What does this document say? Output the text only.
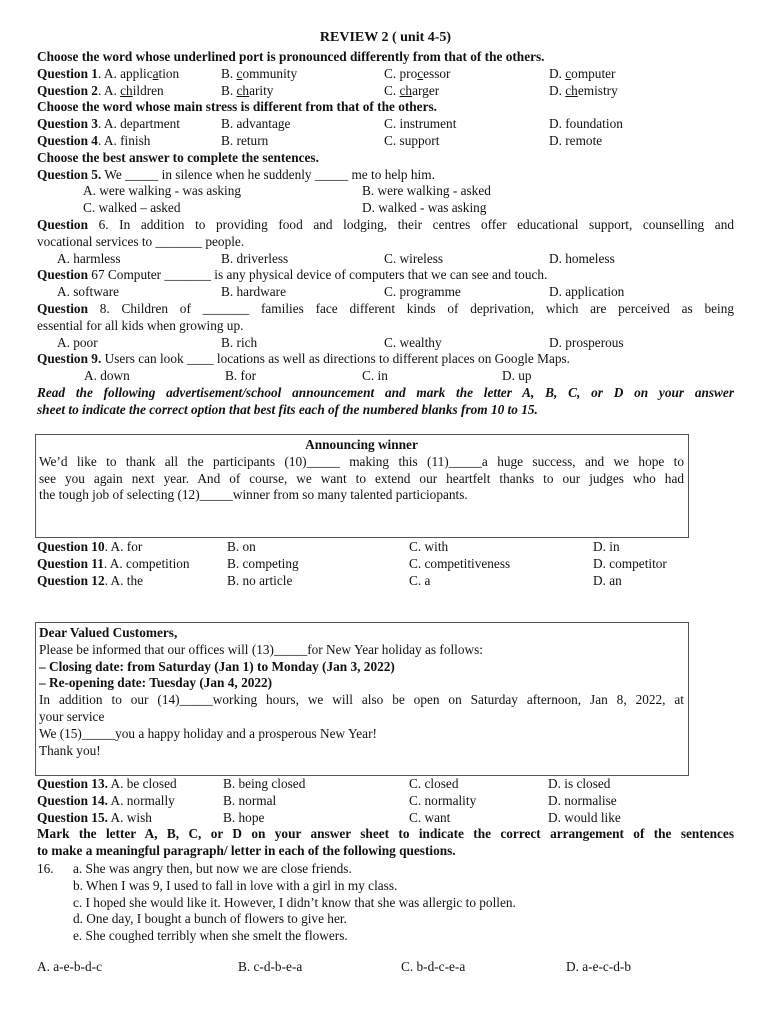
REVIEW 2 ( unit 4-5)
Choose the word whose underlined port is pronounced differently from that of the others.
Question 1. A. application	B. community	C. processor	D. computer
Question 2. A. children	B. charity	C. charger	D. chemistry
Choose the word whose main stress is different from that of the others.
Question 3. A. department	B. advantage	C. instrument	D. foundation
Question 4. A. finish	B. return	C. support	D. remote
Choose the best answer to complete the sentences.
Question 5. We _____ in silence when he suddenly _____ me to help him.
A. were walking - was asking	B. were walking - asked
C. walked – asked	D. walked - was asking
Question 6. In addition to providing food and lodging, their centres offer educational support, counselling and
vocational services to _______ people.
A. harmless	B. driverless	C. wireless	D. homeless
Question 67 Computer _______ is any physical device of computers that we can see and touch.
A. software	B. hardware	C. programme	D. application
Question 8. Children of _______ families face different kinds of deprivation, which are perceived as being
essential for all kids when growing up.
A. poor	B. rich	C. wealthy	D. prosperous
Question 9. Users can look ____ locations as well as directions to different places on Google Maps.
A. down	B. for	C. in	D. up
Read the following advertisement/school announcement and mark the letter A, B, C, or D on your answer
sheet to indicate the correct option that best fits each of the numbered blanks from 10 to 15.
Announcing winner
We’d like to thank all the participants (10)_____ making this (11)_____a huge success, and we hope to
see you again next year. And of course, we want to extend our heartfelt thanks to our judges who had
the tough job of selecting (12)_____winner from so many talented particiopants.
Question 10. A. for	B. on	C. with	D. in
Question 11. A. competition	B. competing	C. competitiveness	D. competitor
Question 12. A. the	B. no article	C. a	D. an
Dear Valued Customers,
Please be informed that our offices will (13)_____for New Year holiday as follows:
– Closing date: from Saturday (Jan 1) to Monday (Jan 3, 2022)
– Re-opening date: Tuesday (Jan 4, 2022)
In addition to our (14)_____working hours, we will also be open on Saturday afternoon, Jan 8, 2022, at
your service
We (15)_____you a happy holiday and a prosperous New Year!
Thank you!
Question 13. A. be closed	B. being closed	C. closed	D. is closed
Question 14. A. normally	B. normal	C. normality	D. normalise
Question 15. A. wish	B. hope	C. want	D. would like
Mark the letter A, B, C, or D on your answer sheet to indicate the correct arrangement of the sentences
to make a meaningful paragraph/ letter in each of the following questions.
16. a. She was angry then, but now we are close friends.
b. When I was 9, I used to fall in love with a girl in my class.
c. I hoped she would like it. However, I didn’t know that she was allergic to pollen.
d. One day, I bought a bunch of flowers to give her.
e. She coughed terribly when she smelt the flowers.
A. a-e-b-d-c	B. c-d-b-e-a	C. b-d-c-e-a	D. a-e-c-d-b
